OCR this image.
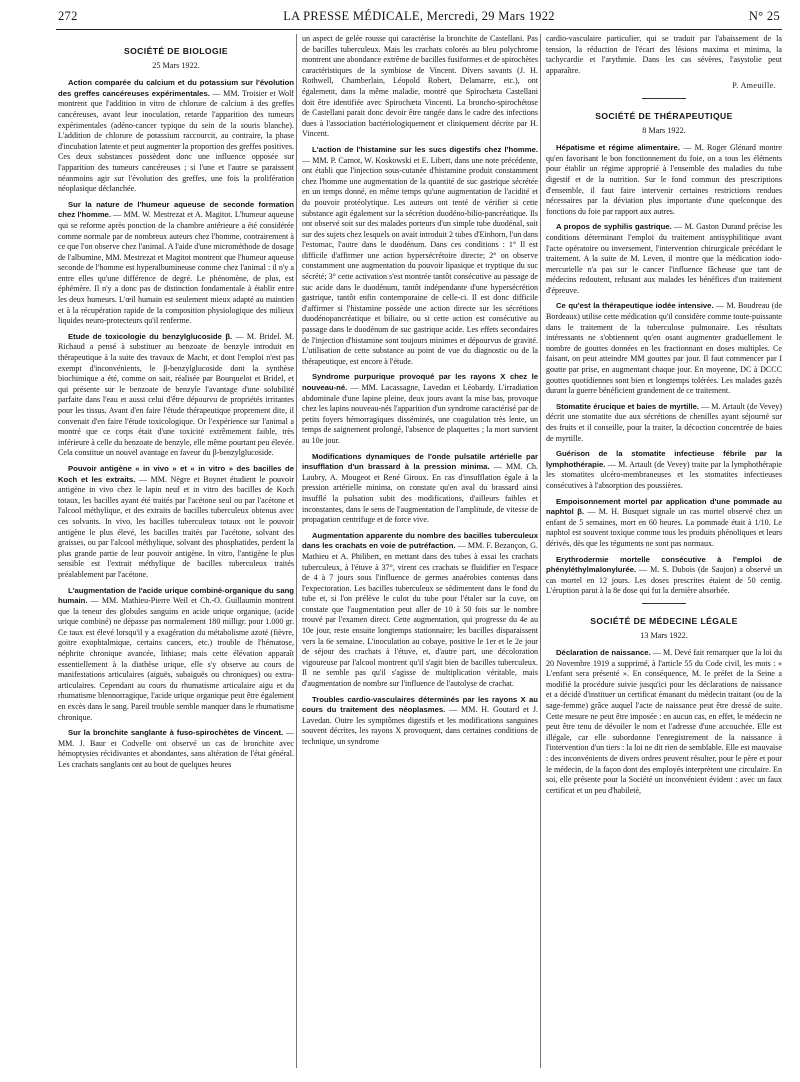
272	LA PRESSE MÉDICALE, Mercredi, 29 Mars 1922	N° 25
SOCIÉTÉ DE BIOLOGIE
25 Mars 1922.

Action comparée du calcium et du potassium sur l'évolution des greffes cancéreuses expérimentales. — MM. Troisier et Wolf montrent que l'addition in vitro de chlorure de calcium à des greffes cancéreuses, avant leur inoculation, retarde l'apparition des tumeurs expérimentales (adéno-cancer typique du sein de la souris blanche). L'addition de chlorure de potassium raccourcit, au contraire, la phase d'incubation latente et peut augmenter la proportion des greffes positives. Ces deux substances possèdent donc une influence opposée sur l'apparition des tumeurs cancéreuses ; si l'une et l'autre se paraissent néanmoins agir sur l'évolution des greffes, une fois la prolifération néoplasique déclanchée.

Sur la nature de l'humeur aqueuse de seconde formation chez l'homme. — MM. W. Mestrezat et A. Magitot. L'humeur aqueuse qui se reforme après ponction de la chambre antérieure a été considérée comme normale par de nombreux auteurs chez l'homme, contrairement à ce que l'on observe chez l'animal. A l'aide d'une microméthode de dosage de l'albumine, MM. Mestrezat et Magitot montrent que l'humeur aqueuse seconde de l'homme est hyperalbumineuse comme chez l'animal : il n'y a entre elles qu'une différence de degré. Le phénomène, de plus, est éphémère. Il n'y a donc pas de distinction fondamentale à établir entre les deux humeurs. L'œil humain est seulement mieux adapté au maintien et à la récupération rapide de la composition physiologique des milieux liquides neuro-protecteurs qu'il renferme.

Etude de toxicologie du benzylglucoside β. — M. Bridel. M. Richaud a pensé à substituer au benzoate de benzyle introduit en thérapeutique à la suite des travaux de Macht, et dont l'emploi n'est pas exempt d'inconvénients, le β-benzylglucoside dont la synthèse biochimique a été, comme on sait, réalisée par Bourquelot et Bridel, et qui présente sur le benzoate de benzyle l'avantage d'une solubilité parfaite dans l'eau et aussi celui d'être dépourvu de propriétés irritantes pour les tissus. Avant d'en faire l'étude thérapeutique proprement dite, il convenait d'en faire l'étude toxicologique. Or l'expérience sur l'animal a montré que ce corps était d'une toxicité extrêmement faible, très inférieure à celle du benzoate de benzyle, elle même pourtant peu élevée. Cela constitue un nouvel avantage en faveur du β-benzylglucoside.

Pouvoir antigène « in vivo » et « in vitro » des bacilles de Koch et les extraits. — MM. Nègre et Boynet étudient le pouvoir antigène in vivo chez le lapin neuf et in vitro des bacilles de Koch totaux, les bacilles ayant été traités par l'acétone seul ou par l'acétone et l'alcool méthylique, et des extraits de bacilles tuberculeux obtenus avec ces solvants. In vivo, les bacilles tuberculeux totaux ont le pouvoir antigène le plus élevé, les bacilles traités par l'acétone, solvant des graisses, ou par l'alcool méthylique, solvant des phosphatides, perdent la plus grande partie de leur pouvoir antigène. In vitro, l'antigène le plus sensible est l'extrait méthylique de bacilles tuberculeux traités préalablement par l'acétone.

L'augmentation de l'acide urique combiné-organique du sang humain. — MM. Mathieu-Pierre Weil et Ch.-O. Guillaumin montrent que la teneur des globules sanguins en acide urique organique, (acide urique combiné) ne dépasse pas normalement 180 milligr. pour 1.000 gr. Ce taux est élevé lorsqu'il y a exagération du métabolisme azoté (fièvre, goitre exophtalmique, certains cancers, etc.) trouble de l'hématose, néphrite chronique avancée, lithiase; mais cette élévation apparaît essentiellement à la diathèse urique, elle s'y observe au cours de manifestations articulaires (aiguës, subaiguës ou chroniques) ou extra-articulaires. Cependant au cours du rhumatisme articulaire aigu et du rhumatisme blennorragique, l'acide urique organique peut être également en excès dans le sang. Pareil trouble semble manquer dans le rhumatisme chronique.

Sur la bronchite sanglante à fuso-spirochètes de Vincent. — MM. J. Baur et Codvelle ont observé un cas de bronchite avec hémoptysies récidivantes et abondantes, sans altération de l'état général. Les crachats sanglants ont au bout de quelques heures

un aspect de gelée rousse qui caractérise la bronchite de Castellani. Pas de bacilles tuberculeux. Mais les crachats colorés au bleu polychrome montrent une abondance extrême de bacilles fusiformes et de spirochètes caractéristiques de la symbiose de Vincent. Divers savants (J. H. Rothwell, Chamberlain, Léopold Robert, Delamarre, etc.), ont également, dans la même maladie, montré que Spirochæta Castellani doit être identifiée avec Spirochæta Vincenti. La broncho-spirochétose de Castellani parait donc devoir être rangée dans le cadre des infections dues à l'association bactériologiquement et cliniquement décrite par H. Vincent.

L'action de l'histamine sur les sucs digestifs chez l'homme. — MM. P. Carnot, W. Koskowski et E. Libert, dans une note précédente, ont établi que l'injection sous-cutanée d'histamine produit constamment chez l'homme une augmentation de la quantité de suc gastrique sécrétée en un temps donné, en même temps qu'une augmentation de l'acidité et du pouvoir protéolytique. Les auteurs ont tenté de vérifier si cette substance agit également sur la sécrétion duodéno-bilio-pancréatique. Ils ont observé soit sur des malades porteurs d'un simple tube duodénal, soit sur des sujets chez lesquels on avait introduit 2 tubes d'Einhorn, l'un dans l'estomac, l'autre dans le duodénum. Dans ces conditions : 1° Il est difficile d'affirmer une action hypersécrétoire directe; 2° on observe constamment une augmentation du pouvoir lipasique et tryptique du suc sécrété; 3° cette activation s'est montrée tantôt consécutive au passage de suc acide dans le duodénum, tantôt indépendante d'une hypersécrétion gastrique, tantôt enfin contemporaine de celle-ci. Il est donc difficile d'affirmer si l'histamine possède une action directe sur les sécrétions duodénopancréatique et biliaire, ou si cette action est consécutive au passage dans le duodénum de suc gastrique acide. Les effets secondaires de l'injection d'histamine sont toujours minimes et dépourvus de gravité. L'utilisation de cette substance au point de vue du diagnostic ou de la thérapeutique, est encore à l'étude.

Syndrome purpurique provoqué par les rayons X chez le nouveau-né. — MM. Lacassagne, Lavedan et Léobardy. L'irradiation abdominale d'une lapine pleine, deux jours avant la mise bas, provoque chez les lapins nouveau-nés l'apparition d'un syndrome caractérisé par de petits foyers hémorragiques disséminés, une coagulation très lente, un temps de saignement prolongé, l'absence de plaquettes ; la mort survient au 10e jour.

Modifications dynamiques de l'onde pulsatile artérielle par insufflation d'un brassard à la pression minima. — MM. Ch. Laubry, A. Mougeot et René Giroux. En cas d'insufflation égale à la pression artérielle minima, on constate qu'en aval du brassard ainsi insufflé la pulsation subit des modifications, d'ailleurs faibles et inconstantes, dans le sens de l'augmentation de l'amplitude, de vitesse de propagation centrifuge et de force vive.

Augmentation apparente du nombre des bacilles tuberculeux dans les crachats en voie de putréfaction. — MM. F. Bezançon, G. Mathieu et A. Philibert, en mettant dans des tubes à essai les crachats tuberculeux, à l'étuve à 37°, virent ces crachats se fluidifier en l'espace de 4 à 7 jours sous l'influence de germes anaérobies contenus dans l'expectoration. Les bacilles tuberculeux se sédimentent dans le fond du tube et, si l'on prélève le culot du tube pour l'étaler sur la cuve, on constate que l'augmentation peut aller de 10 à 50 fois sur le nombre trouvé par l'examen direct. Cette augmentation, qui progresse du 4e au 10e jour, reste ensuite longtemps stationnaire; les bacilles disparaissent vers la 6e semaine. L'inoculation au cobaye, positive le 1er et le 2e jour de séjour des crachats à l'étuve, et, d'autre part, une décoloration vigoureuse par l'alcool montrent qu'il s'agit bien de bacilles tuberculeux. Il ne semble pas qu'il s'agisse de multiplication véritable, mais d'augmentation de nombre sur l'influence de l'autolyse de crachat.

Troubles cardio-vasculaires déterminés par les rayons X au cours du traitement des néoplasmes. — MM. H. Goutard et J. Lavedan. Outre les symptômes digestifs et les modifications sanguines souvent décrites, les rayons X provoquent, dans certaines conditions de technique, un syndrome

cardio-vasculaire particulier, qui se traduit par l'abaissement de la tension, la réduction de l'écart des lésions maxima et minima, la tachycardie et l'arythmie. Dans les cas sévères, l'asystolie peut apparaître.

P. Ameuille.
SOCIÉTÉ DE THÉRAPEUTIQUE
8 Mars 1922.

Hépatisme et régime alimentaire. — M. Roger Glénard montre qu'en favorisant le bon fonctionnement du foie, on a tous les éléments pour établir un régime approprié à l'ensemble des maladies du tube digestif et de la nutrition. Sur le fond commun des prescriptions d'ensemble, il faut faire intervenir certaines restrictions rendues nécessaires par la déviation plus importante d'une quelconque des fonctions du foie par rapport aux autres.

A propos de syphilis gastrique. — M. Gaston Durand précise les conditions déterminant l'emploi du traitement antisyphilitique avant l'acte opératoire ou inversement, l'intervention chirurgicale précédant le traitement. A la suite de M. Leven, il montre que la médication iodo-mercurielle n'a pas sur le cancer l'influence fâcheuse que tant de médecins redoutent, refusant aux malades les bénéfices d'un traitement d'épreuve.

Ce qu'est la thérapeutique iodée intensive. — M. Boudreau (de Bordeaux) utilise cette médication qu'il considère comme toute-puissante dans le traitement de la tuberculose pulmonaire. Les résultats intéressants ne s'obtiennent qu'en osant augmenter graduellement le nombre de gouttes données en les fractionnant en doses multiples. Ce faisant, on peut atteindre MM gouttes par jour. Il faut commencer par I goutte par prise, en augmentant chaque jour. En moyenne, DC à DCCC gouttes quotidiennes sont bien et longtemps tolérées. Les malades gazés durant la guerre bénéficient grandement de ce traitement.

Stomatite érucique et baies de myrtille. — M. Artault (de Vevey) décrit une stomatite due aux sécrétions de chenilles ayant séjourné sur des fruits et il conseille, pour la traiter, la décoction concentrée de baies de myrtille.

Guérison de la stomatite infectieuse fébrile par la lymphothérapie. — M. Artault (de Vevey) traite par la lymphothérapie les stomatites ulcéro-membraneuses et les stomatites infectieuses consécutives à l'absorption des poussières.

Empoisonnement mortel par application d'une pommade au naphtol β. — M. H. Busquet signale un cas mortel observé chez un enfant de 5 semaines, mort en 60 heures. La pommade était à 1/10. Le naphtol est souvent toxique comme tous les produits phénoliques et leurs dérivés, dès que les téguments ne sont pas normaux.

Erythrodermie mortelle consécutive à l'emploi de phényléthylmalonylurée. — M. S. Dubois (de Saujon) a observé un cas mortel en 12 jours. Les doses prescrites étaient de 50 centig. L'éruption parut à la 8e dose qui fut la dernière absorbée.

SOCIÉTÉ DE MÉDECINE LÉGALE
13 Mars 1922.

Déclaration de naissance. — M. Devé fait remarquer que la loi du 20 Novembre 1919 a supprimé, à l'article 55 du Code civil, les mots : « L'enfant sera présenté ». En conséquence, M. le préfet de la Seine a modifié la procédure suivie jusqu'ici pour les déclarations de naissance et a décidé d'instituer un certificat émanant du médecin traitant (ou de la sage-femme) grâce auquel l'acte de naissance peut être dressé de suite. Cette mesure ne peut être imposée : en aucun cas, en effet, le médecin ne peut être tenu de dévoiler le nom et l'adresse d'une accouchée. Elle est illégale, car elle subordonne l'enregistrement de la naissance à l'intervention d'un tiers : la loi ne dit rien de semblable. Elle est mauvaise : des inconvénients de divers ordres peuvent résulter, pour le père et pour le médecin, de la façon dont des employés interprètent une circulaire. En soi, elle présente pour la Société un inconvénient évident : avec un faux certificat et un peu d'habileté,
